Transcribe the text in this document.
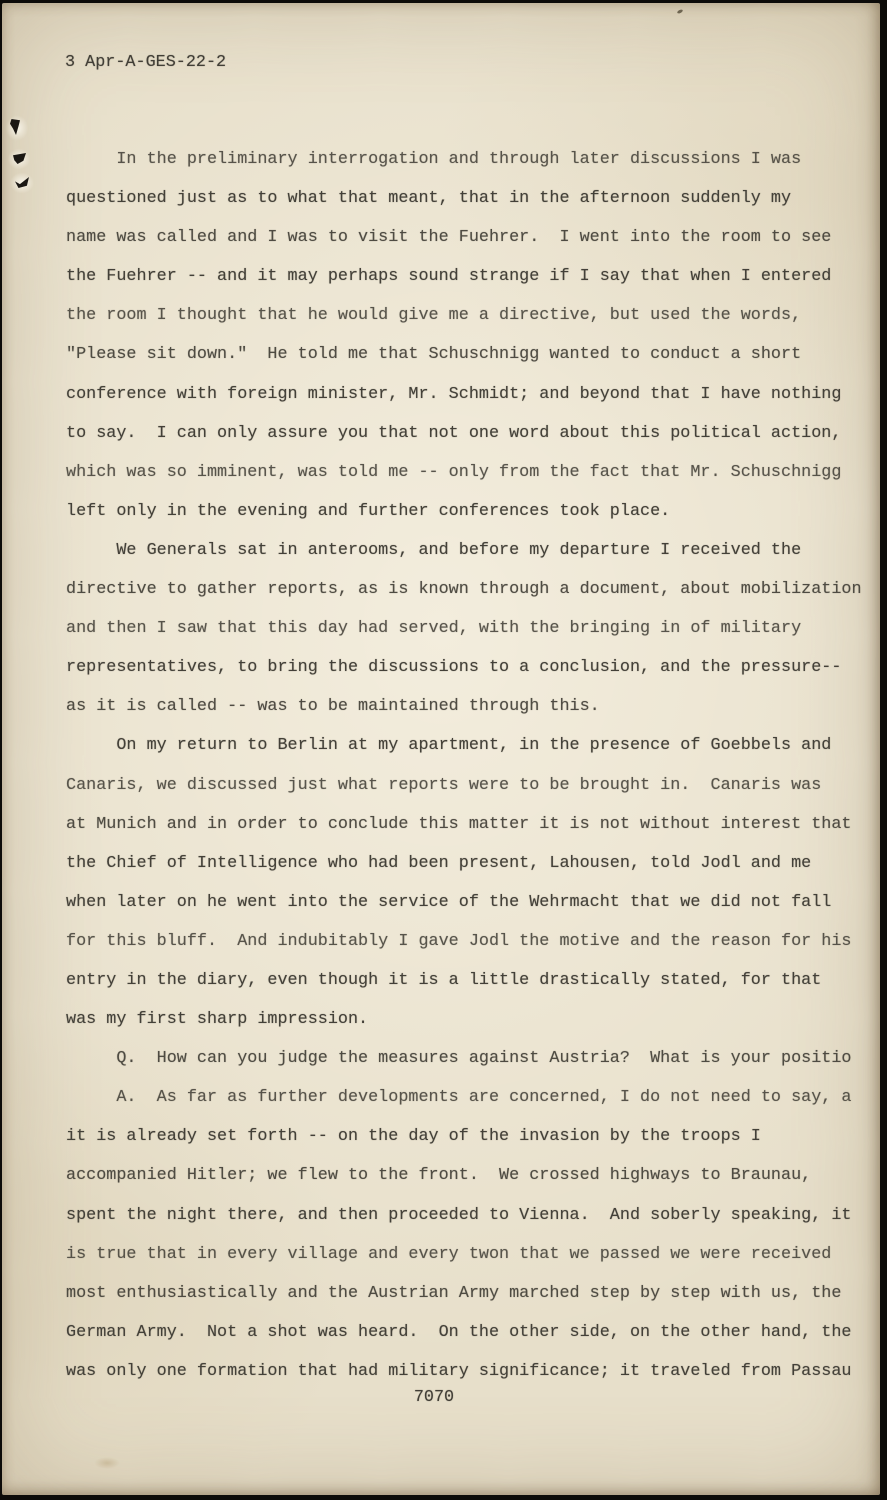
3 Apr-A-GES-22-2
In the preliminary interrogation and through later discussions I was
questioned just as to what that meant, that in the afternoon suddenly my
name was called and I was to visit the Fuehrer.  I went into the room to see
the Fuehrer -- and it may perhaps sound strange if I say that when I entered
the room I thought that he would give me a directive, but used the words,
"Please sit down."  He told me that Schuschnigg wanted to conduct a short
conference with foreign minister, Mr. Schmidt; and beyond that I have nothing
to say.  I can only assure you that not one word about this political action,
which was so imminent, was told me -- only from the fact that Mr. Schuschnigg
left only in the evening and further conferences took place.
We Generals sat in anterooms, and before my departure I received the
directive to gather reports, as is known through a document, about mobilization
and then I saw that this day had served, with the bringing in of military
representatives, to bring the discussions to a conclusion, and the pressure--
as it is called -- was to be maintained through this.
On my return to Berlin at my apartment, in the presence of Goebbels and
Canaris, we discussed just what reports were to be brought in.  Canaris was
at Munich and in order to conclude this matter it is not without interest that
the Chief of Intelligence who had been present, Lahousen, told Jodl and me
when later on he went into the service of the Wehrmacht that we did not fall
for this bluff.  And indubitably I gave Jodl the motive and the reason for his
entry in the diary, even though it is a little drastically stated, for that
was my first sharp impression.
Q.  How can you judge the measures against Austria?  What is your positio
A.  As far as further developments are concerned, I do not need to say, a
it is already set forth -- on the day of the invasion by the troops I
accompanied Hitler; we flew to the front.  We crossed highways to Braunau,
spent the night there, and then proceeded to Vienna.  And soberly speaking, it
is true that in every village and every twon that we passed we were received
most enthusiastically and the Austrian Army marched step by step with us, the
German Army.  Not a shot was heard.  On the other side, on the other hand, the
was only one formation that had military significance; it traveled from Passau
7070
